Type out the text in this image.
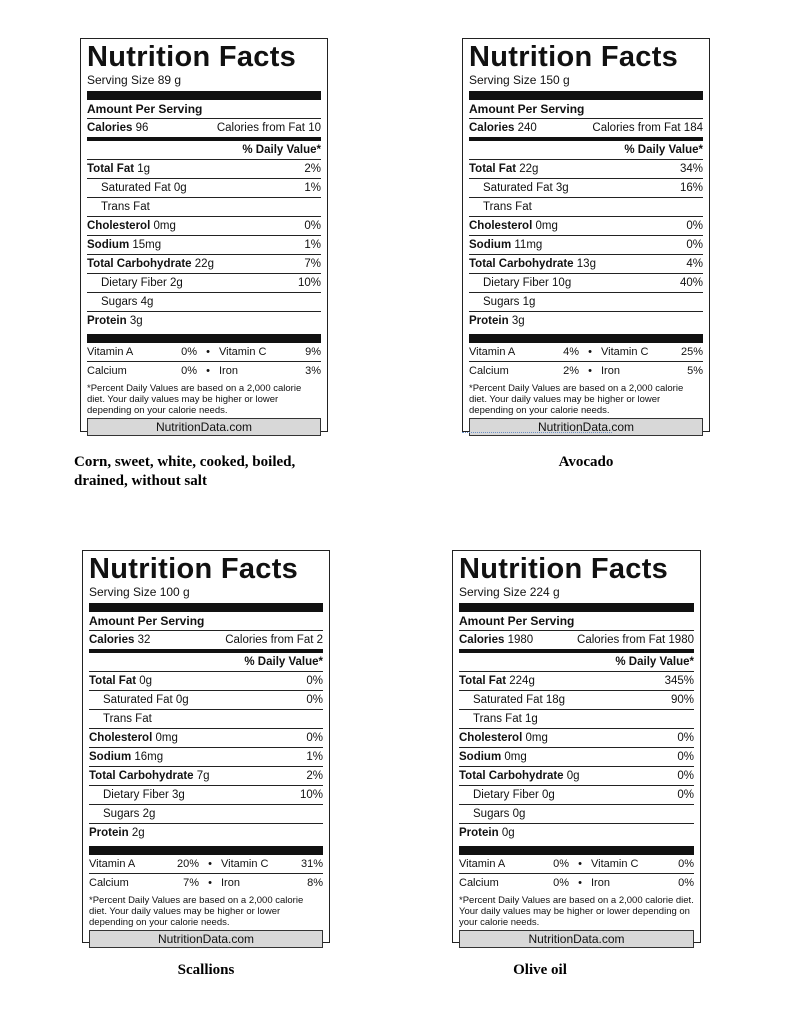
Nutrition Facts
Serving Size 89 g
Amount Per Serving
Calories 96	Calories from Fat 10
% Daily Value*
Total Fat 1g	2%
Saturated Fat 0g	1%
Trans Fat
Cholesterol 0mg	0%
Sodium 15mg	1%
Total Carbohydrate 22g	7%
Dietary Fiber 2g	10%
Sugars 4g
Protein 3g
Vitamin A	0% • Vitamin C	9%
Calcium	0% • Iron	3%
*Percent Daily Values are based on a 2,000 calorie diet. Your daily values may be higher or lower depending on your calorie needs.
NutritionData.com
Corn, sweet, white, cooked, boiled, drained, without salt
Nutrition Facts
Serving Size 150 g
Amount Per Serving
Calories 240	Calories from Fat 184
% Daily Value*
Total Fat 22g	34%
Saturated Fat 3g	16%
Trans Fat
Cholesterol 0mg	0%
Sodium 11mg	0%
Total Carbohydrate 13g	4%
Dietary Fiber 10g	40%
Sugars 1g
Protein 3g
Vitamin A	4% • Vitamin C	25%
Calcium	2% • Iron	5%
*Percent Daily Values are based on a 2,000 calorie diet. Your daily values may be higher or lower depending on your calorie needs.
NutritionData.com
Avocado
Nutrition Facts
Serving Size 100 g
Amount Per Serving
Calories 32	Calories from Fat 2
% Daily Value*
Total Fat 0g	0%
Saturated Fat 0g	0%
Trans Fat
Cholesterol 0mg	0%
Sodium 16mg	1%
Total Carbohydrate 7g	2%
Dietary Fiber 3g	10%
Sugars 2g
Protein 2g
Vitamin A	20% • Vitamin C	31%
Calcium	7% • Iron	8%
*Percent Daily Values are based on a 2,000 calorie diet. Your daily values may be higher or lower depending on your calorie needs.
NutritionData.com
Scallions
Nutrition Facts
Serving Size 224 g
Amount Per Serving
Calories 1980	Calories from Fat 1980
% Daily Value*
Total Fat 224g	345%
Saturated Fat 18g	90%
Trans Fat 1g
Cholesterol 0mg	0%
Sodium 0mg	0%
Total Carbohydrate 0g	0%
Dietary Fiber 0g	0%
Sugars 0g
Protein 0g
Vitamin A	0% • Vitamin C	0%
Calcium	0% • Iron	0%
*Percent Daily Values are based on a 2,000 calorie diet. Your daily values may be higher or lower depending on your calorie needs.
NutritionData.com
Olive oil
